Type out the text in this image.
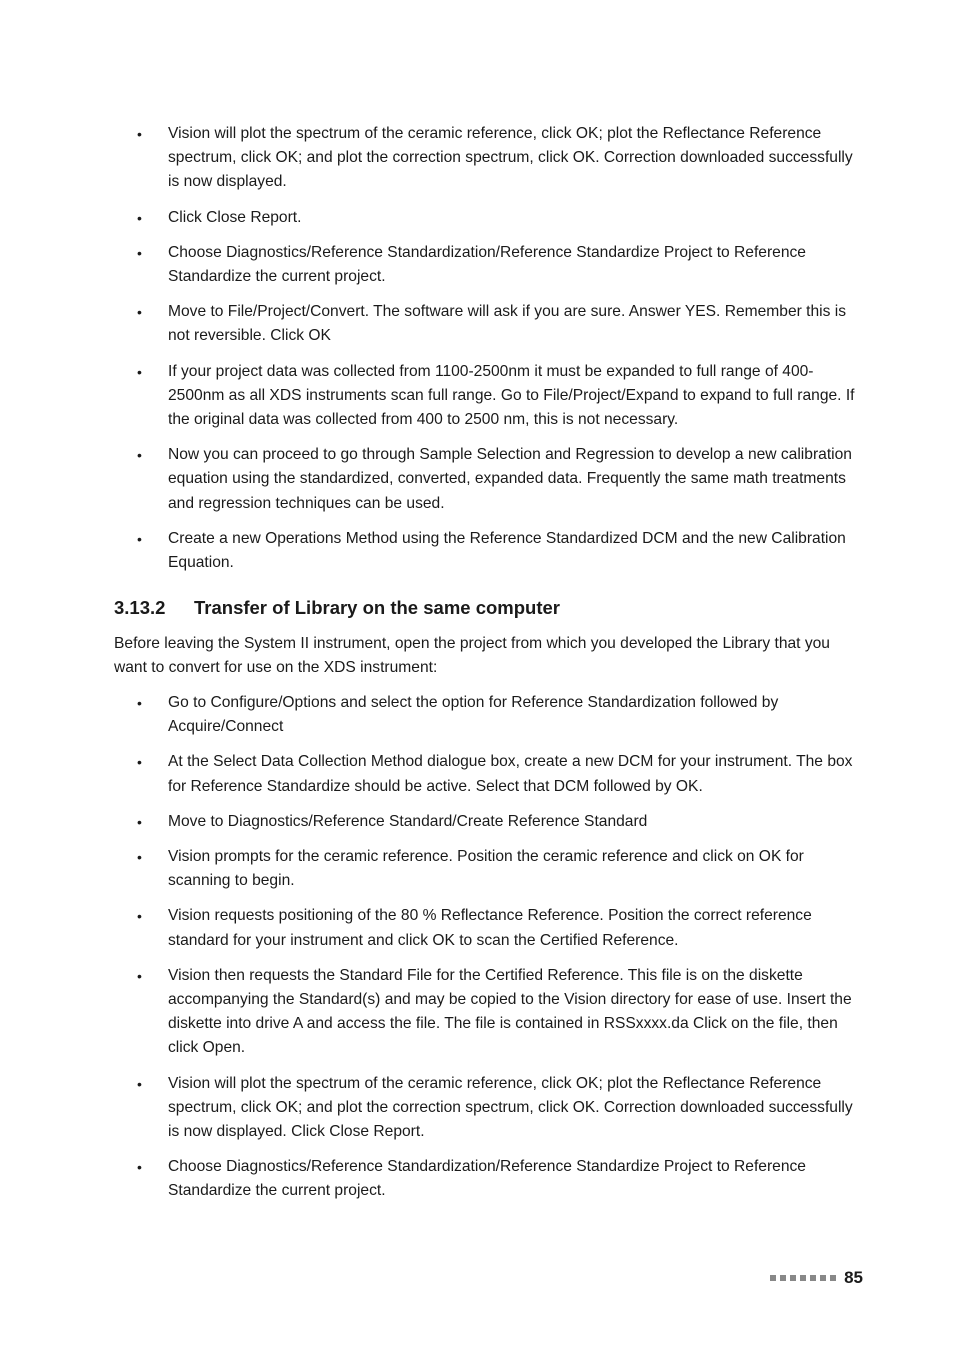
• Vision will plot the spectrum of the ceramic reference, click OK; plot the Reflectance Reference spectrum, click OK; and plot the correction spectrum, click OK. Correction downloaded successfully is now displayed.
• Click Close Report.
• Choose Diagnostics/Reference Standardization/Reference Standardize Project to Reference Standardize the current project.
• Move to File/Project/Convert. The software will ask if you are sure. Answer YES. Remember this is not reversible. Click OK
• If your project data was collected from 1100-2500nm it must be expanded to full range of 400-2500nm as all XDS instruments scan full range. Go to File/Project/Expand to expand to full range. If the original data was collected from 400 to 2500 nm, this is not necessary.
• Now you can proceed to go through Sample Selection and Regression to develop a new calibration equation using the standardized, converted, expanded data. Frequently the same math treatments and regression techniques can be used.
• Create a new Operations Method using the Reference Standardized DCM and the new Calibration Equation.
3.13.2 Transfer of Library on the same computer

Before leaving the System II instrument, open the project from which you developed the Library that you want to convert for use on the XDS instrument:

• Go to Configure/Options and select the option for Reference Standardization followed by Acquire/Connect
• At the Select Data Collection Method dialogue box, create a new DCM for your instrument. The box for Reference Standardize should be active. Select that DCM followed by OK.
• Move to Diagnostics/Reference Standard/Create Reference Standard
• Vision prompts for the ceramic reference. Position the ceramic reference and click on OK for scanning to begin.
• Vision requests positioning of the 80 % Reflectance Reference. Position the correct reference standard for your instrument and click OK to scan the Certified Reference.
• Vision then requests the Standard File for the Certified Reference. This file is on the diskette accompanying the Standard(s) and may be copied to the Vision directory for ease of use. Insert the diskette into drive A and access the file. The file is contained in RSSxxxx.da Click on the file, then click Open.
• Vision will plot the spectrum of the ceramic reference, click OK; plot the Reflectance Reference spectrum, click OK; and plot the correction spectrum, click OK. Correction downloaded successfully is now displayed. Click Close Report.
• Choose Diagnostics/Reference Standardization/Reference Standardize Project to Reference Standardize the current project.
85
